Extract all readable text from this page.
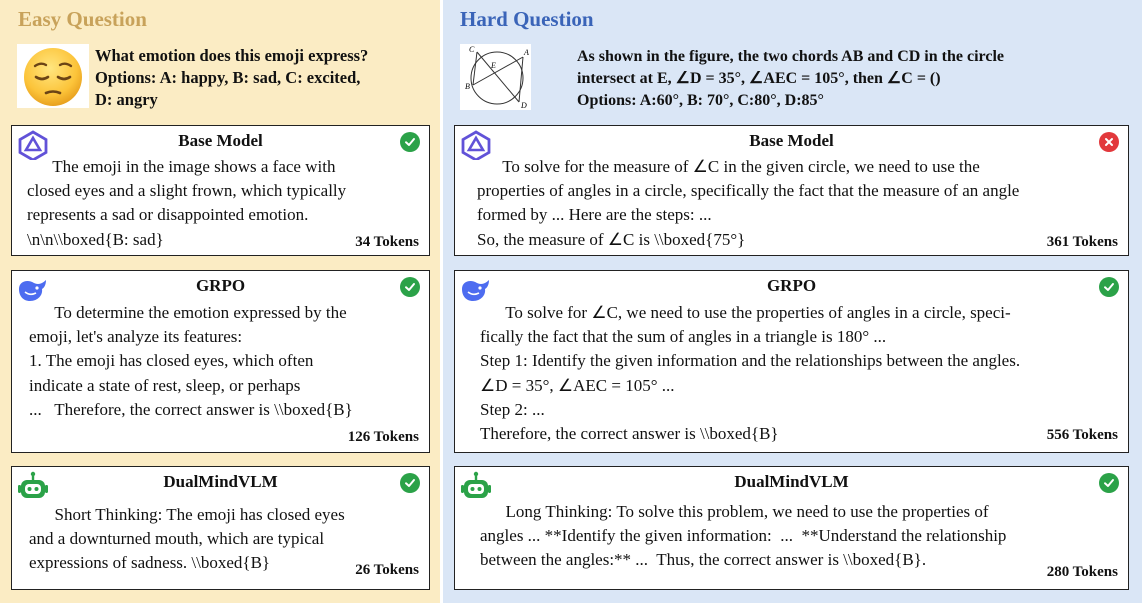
Easy Question
What emotion does this emoji express?
Options: A: happy, B: sad, C: excited,
D: angry
Base Model
The emoji in the image shows a face with
closed eyes and a slight frown, which typically
represents a sad or disappointed emotion.
\n\n\\boxed{B: sad}	34 Tokens
GRPO
To determine the emotion expressed by the
emoji, let's analyze its features:
1. The emoji has closed eyes, which often
indicate a state of rest, sleep, or perhaps
...   Therefore, the correct answer is \\boxed{B}
126 Tokens
DualMindVLM
Short Thinking: The emoji has closed eyes
and a downturned mouth, which are typical
expressions of sadness. \\boxed{B}	26 Tokens
Hard Question
C	A
E
B
D
As shown in the figure, the two chords AB and CD in the circle
intersect at E, ∠D = 35°, ∠AEC = 105°, then ∠C = ()
Options: A:60°, B: 70°, C:80°, D:85°
Base Model
To solve for the measure of ∠C in the given circle, we need to use the
properties of angles in a circle, specifically the fact that the measure of an angle
formed by ... Here are the steps: ...
So, the measure of ∠C is \\boxed{75°}	361 Tokens
GRPO
To solve for ∠C, we need to use the properties of angles in a circle, speci-
fically the fact that the sum of angles in a triangle is 180° ...
Step 1: Identify the given information and the relationships between the angles.
∠D = 35°, ∠AEC = 105° ...
Step 2: ...
Therefore, the correct answer is \\boxed{B}	556 Tokens
DualMindVLM
Long Thinking: To solve this problem, we need to use the properties of
angles ... **Identify the given information:  ...  **Understand the relationship
between the angles:** ...  Thus, the correct answer is \\boxed{B}.
280 Tokens
